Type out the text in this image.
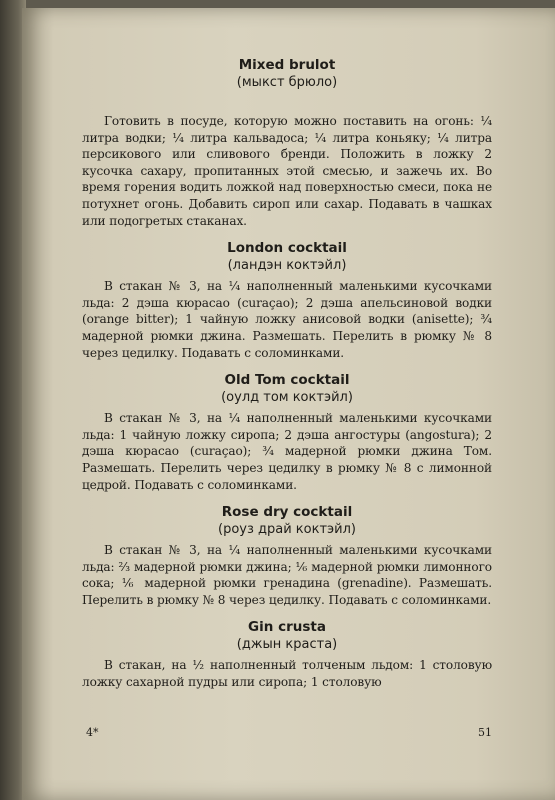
Mixed brulot

(мыкст брюло)

Готовить в посуде, которую можно поставить на огонь: ¼ литра водки; ¼ литра кальвадоса; ¼ литра коньяку; ¼ литра персикового или сливового бренди. Положить в ложку 2 кусочка сахару, пропитанных этой смесью, и зажечь их. Во время горения водить ложкой над поверхностью смеси, пока не потухнет огонь. Добавить сироп или сахар. Подавать в чашках или подогретых стаканах.

London cocktail

(ландэн коктэйл)

В стакан № 3, на ¼ наполненный маленькими кусочками льда: 2 дэша кюрасао (curaçao); 2 дэша апельсиновой водки (orange bitter); 1 чайную ложку анисовой водки (anisette); ¾ мадерной рюмки джина. Размешать. Перелить в рюмку № 8 через цедилку. Подавать с соломинками.

Old Tom cocktail

(оулд том коктэйл)

В стакан № 3, на ¼ наполненный маленькими кусочками льда: 1 чайную ложку сиропа; 2 дэша ангостуры (angostura); 2 дэша кюрасао (curaçao); ¾ мадерной рюмки джина Том. Размешать. Перелить через цедилку в рюмку № 8 с лимонной цедрой. Подавать с соломинками.

Rose dry cocktail

(роуз драй коктэйл)

В стакан № 3, на ¼ наполненный маленькими кусочками льда: ⅔ мадерной рюмки джина; ⅙ мадерной рюмки лимонного сока; ⅙ мадерной рюмки гренадина (grenadine). Размешать. Перелить в рюмку № 8 через цедилку. Подавать с соломинками.

Gin crusta

(джын краста)

В стакан, на ½ наполненный толченым льдом: 1 столовую ложку сахарной пудры или сиропа; 1 столовую

4*	51
